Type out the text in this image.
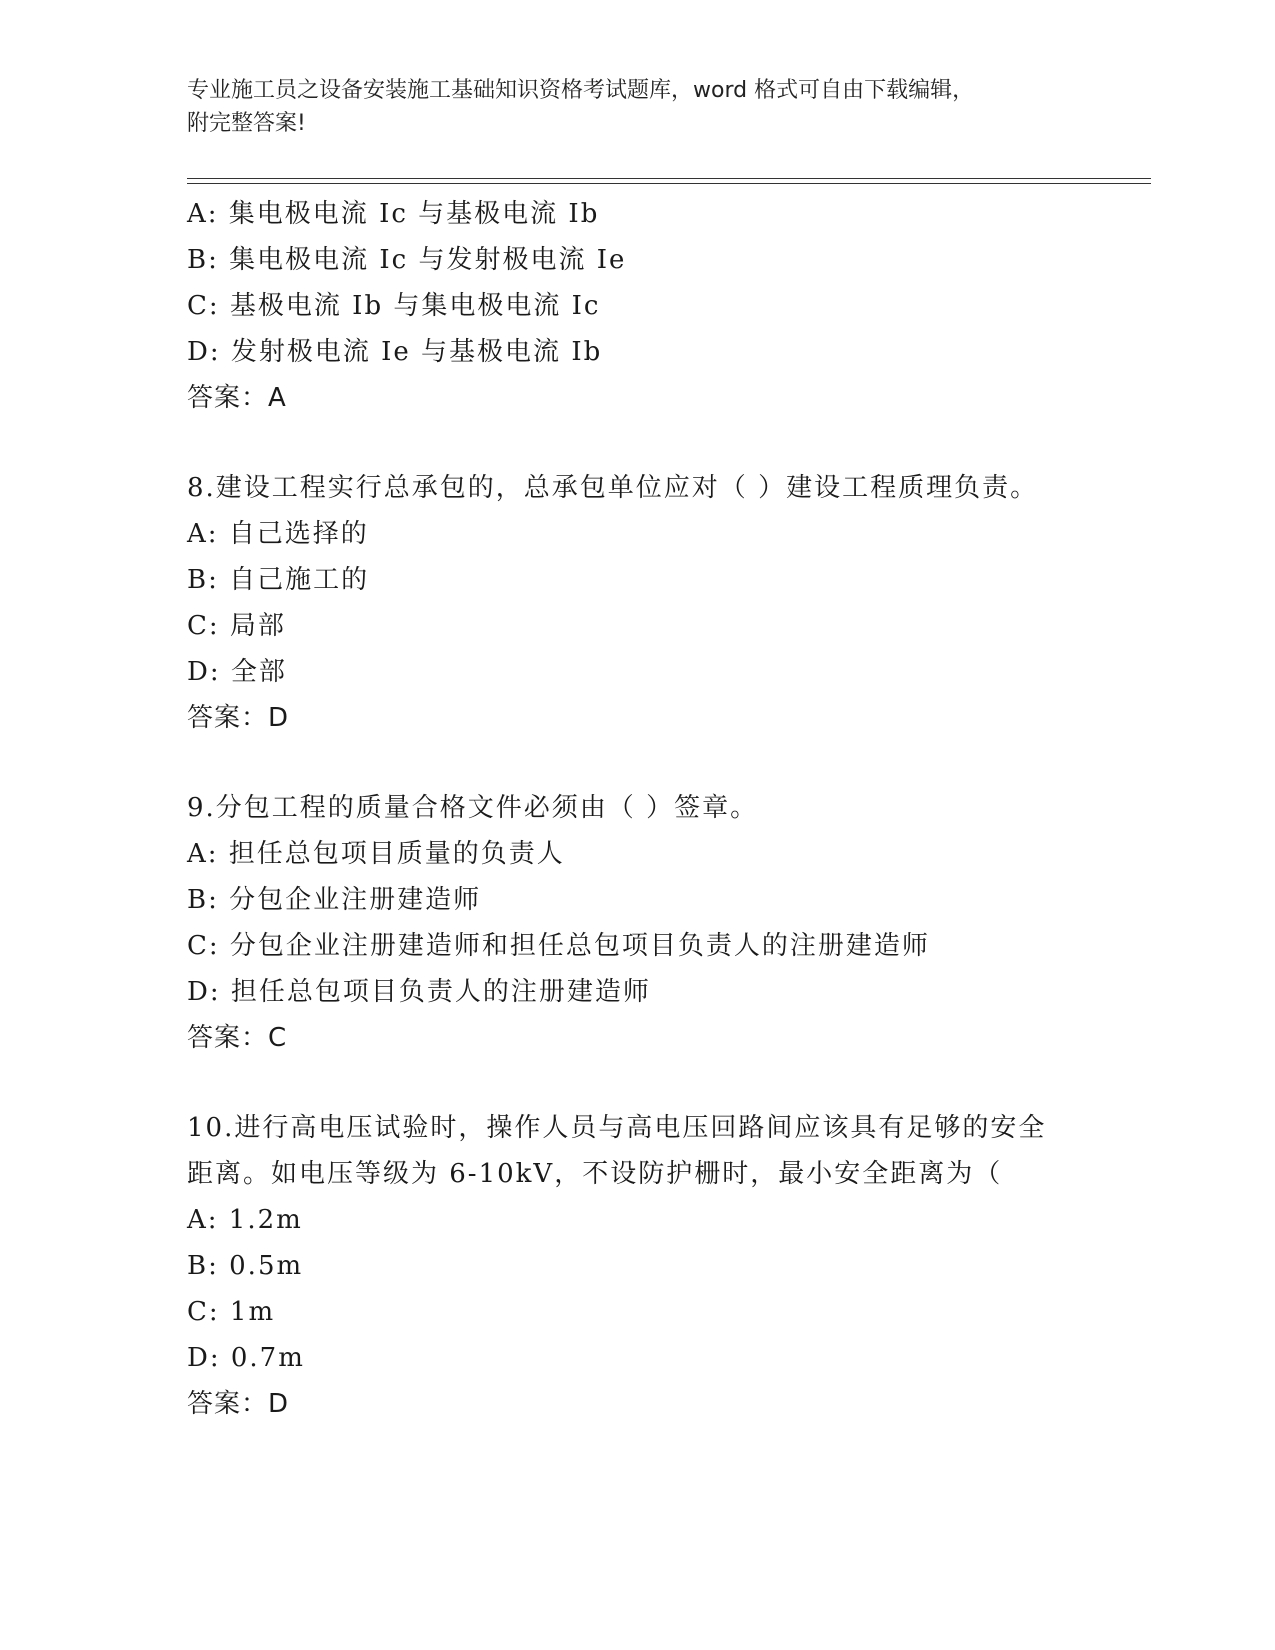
专业施工员之设备安装施工基础知识资格考试题库，word 格式可自由下载编辑，
附完整答案!
A: 集电极电流 Ic 与基极电流 Ib
B: 集电极电流 Ic 与发射极电流 Ie
C: 基极电流 Ib 与集电极电流 Ic
D: 发射极电流 Ie 与基极电流 Ib
答案：A
8.建设工程实行总承包的，总承包单位应对（ ）建设工程质理负责。
A: 自己选择的
B: 自己施工的
C: 局部
D: 全部
答案：D
9.分包工程的质量合格文件必须由（ ）签章。
A: 担任总包项目质量的负责人
B: 分包企业注册建造师
C: 分包企业注册建造师和担任总包项目负责人的注册建造师
D: 担任总包项目负责人的注册建造师
答案：C
10.进行高电压试验时，操作人员与高电压回路间应该具有足够的安全
距离。如电压等级为 6-10kV，不设防护栅时，最小安全距离为（
A: 1.2m
B: 0.5m
C: 1m
D: 0.7m
答案：D
